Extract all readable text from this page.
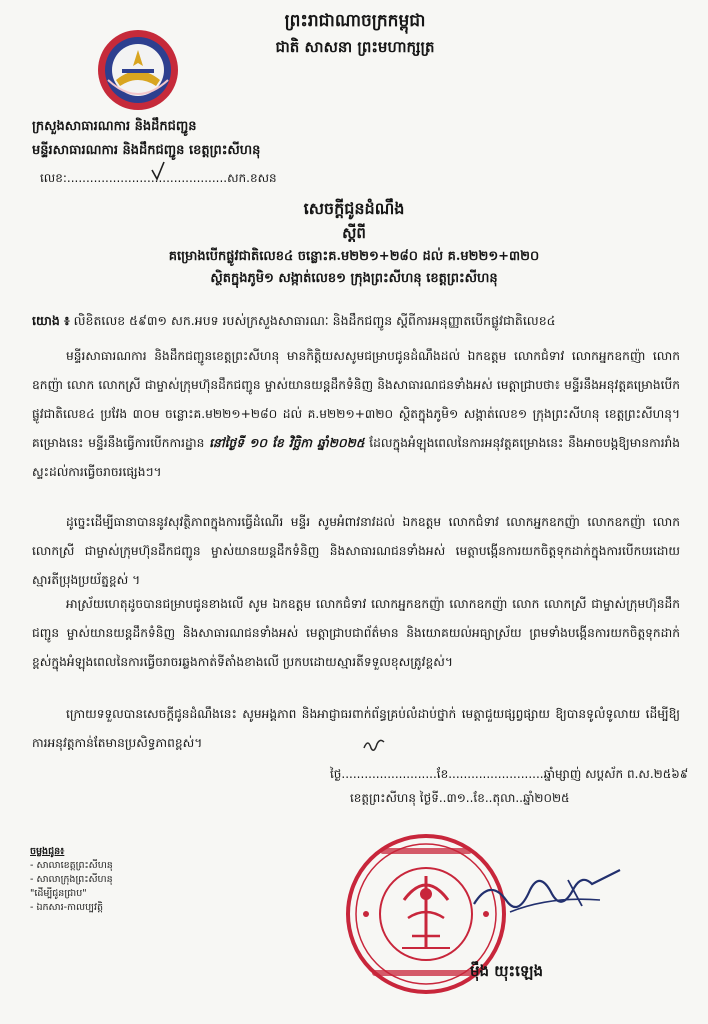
ព្រះរាជាណាចក្រកម្ពុជា
ជាតិ សាសនា ព្រះមហាក្សត្រ
ក្រសួងសាធារណការ និងដឹកជញ្ជូន
មន្ទីរសាធារណការ និងដឹកជញ្ជូន ខេត្តព្រះសីហនុ
លេខ:..........................................សក.ខសន
សេចក្តីជូនដំណឹង
ស្តីពី
គម្រោងបើកផ្លូវជាតិលេខ៤ ចន្លោះគ.ម២២១+២៨០ ដល់ គ.ម២២១+៣២០
ស្ថិតក្នុងភូមិ១ សង្កាត់លេខ១ ក្រុងព្រះសីហនុ ខេត្តព្រះសីហនុ
យោង ៖ លិខិតលេខ ៥៩៣១ សក.អបទ របស់ក្រសួងសាធារណៈ និងដឹកជញ្ជូន ស្តីពីការអនុញ្ញាតបើកផ្លូវជាតិលេខ៤
មន្ទីរសាធារណការ និងដឹកជញ្ជូនខេត្តព្រះសីហនុ មានកិត្តិយសសូមជម្រាបជូនដំណឹងដល់ ឯកឧត្តម លោកជំទាវ លោកអ្នកឧកញ៉ា លោកឧកញ៉ា លោក លោកស្រី ជាម្ចាស់ក្រុមហ៊ុនដឹកជញ្ជូន ម្ចាស់យានយន្តដឹកទំនិញ និងសាធារណជនទាំងអស់ មេត្តាជ្រាបថា៖ មន្ទីរនឹងអនុវត្តគម្រោងបើកផ្លូវជាតិលេខ៤ ប្រវែង ៣០ម ចន្លោះគ.ម២២១+២៨០ ដល់ គ.ម២២១+៣២០ ស្ថិតក្នុងភូមិ១ សង្កាត់លេខ១ ក្រុងព្រះសីហនុ ខេត្តព្រះសីហនុ។ គម្រោងនេះ មន្ទីរនឹងធ្វើការបើកការដ្ឋាន នៅថ្ងៃទី ១០ ខែ វិច្ឆិកា ឆ្នាំ២០២៥ ដែលក្នុងអំឡុងពេលនៃការអនុវត្តគម្រោងនេះ នឹងអាចបង្កឱ្យមានការរាំងស្ទះដល់ការធ្វើចរាចរផ្សេងៗ។
ដូច្នេះដើម្បីធានាបាននូវសុវត្ថិភាពក្នុងការធ្វើដំណើរ មន្ទីរ សូមអំពាវនាវដល់ ឯកឧត្តម លោកជំទាវ លោកអ្នកឧកញ៉ា លោកឧកញ៉ា លោក លោកស្រី ជាម្ចាស់ក្រុមហ៊ុនដឹកជញ្ជូន ម្ចាស់យានយន្តដឹកទំនិញ និងសាធារណជនទាំងអស់ មេត្តាបង្កើនការយកចិត្តទុកដាក់ក្នុងការបើកបរដោយស្មារតីប្រុងប្រយ័ត្នខ្ពស់ ។
អាស្រ័យហេតុដូចបានជម្រាបជូនខាងលើ សូម ឯកឧត្តម លោកជំទាវ លោកអ្នកឧកញ៉ា លោកឧកញ៉ា លោក លោកស្រី ជាម្ចាស់ក្រុមហ៊ុនដឹកជញ្ជូន ម្ចាស់យានយន្តដឹកទំនិញ និងសាធារណជនទាំងអស់ មេត្តាជ្រាបជាព័ត៌មាន និងយោគយល់អធ្យាស្រ័យ ព្រមទាំងបង្កើនការយកចិត្តទុកដាក់ខ្ពស់ក្នុងអំឡុងពេលនៃការធ្វើចរាចរឆ្លងកាត់ទីតាំងខាងលើ ប្រកបដោយស្មារតីទទួលខុសត្រូវខ្ពស់។
ក្រោយទទួលបានសេចក្តីជូនដំណឹងនេះ សូមអង្គភាព និងអាជ្ញាធរពាក់ព័ន្ធគ្រប់លំដាប់ថ្នាក់ មេត្តាជួយផ្សព្វផ្សាយ ឱ្យបានទូលំទូលាយ ដើម្បីឱ្យការអនុវត្តកាន់តែមានប្រសិទ្ធភាពខ្ពស់។
ថ្ងៃ.........................ខែ.........................ឆ្នាំម្សាញ់ សប្តស័ក ព.ស.២៥៦៩
ខេត្តព្រះសីហនុ ថ្ងៃទី..៣១..ខែ..តុលា..ឆ្នាំ២០២៥
ចម្លងជូន៖
- សាលាខេត្តព្រះសីហនុ
- សាលាក្រុងព្រះសីហនុ
"ដើម្បីជូនជ្រាប"
- ឯកសារ-កាលប្បវត្តិ
ម៉ឹង យុះឡេង
